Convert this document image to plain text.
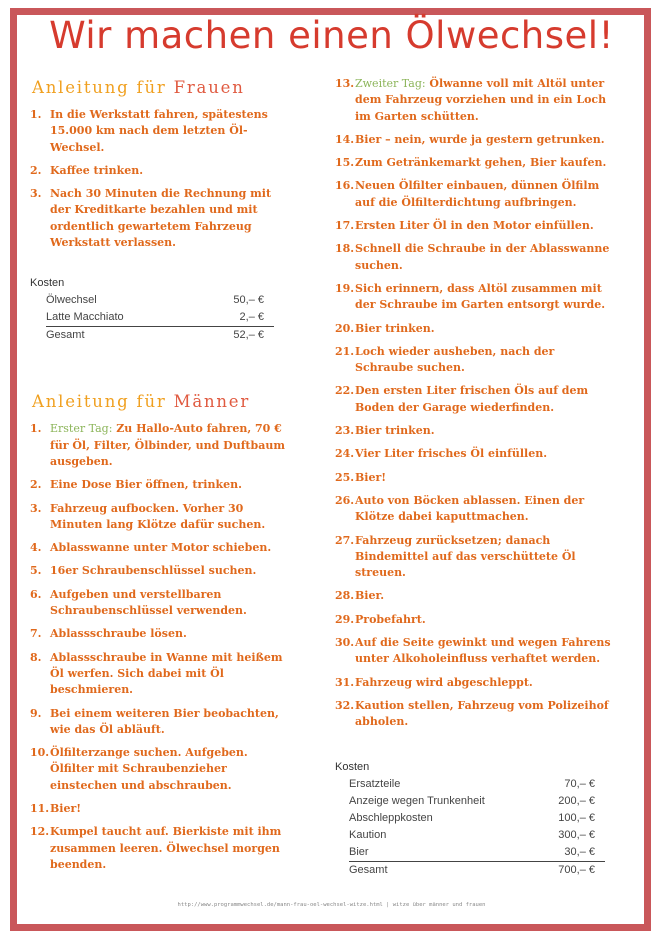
Wir machen einen Ölwechsel!
Anleitung für Frauen
1. In die Werkstatt fahren, spätestens 15.000 km nach dem letzten Öl-Wechsel.
2. Kaffee trinken.
3. Nach 30 Minuten die Rechnung mit der Kreditkarte bezahlen und mit ordentlich gewartetem Fahrzeug Werkstatt verlassen.
Kosten
Ölwechsel	50,– €
Latte Macchiato	2,– €
Gesamt	52,– €
Anleitung für Männer
1. Erster Tag: Zu Hallo-Auto fahren, 70 € für Öl, Filter, Ölbinder, und Duftbaum ausgeben.
2. Eine Dose Bier öffnen, trinken.
3. Fahrzeug aufbocken. Vorher 30 Minuten lang Klötze dafür suchen.
4. Ablasswanne unter Motor schieben.
5. 16er Schraubenschlüssel suchen.
6. Aufgeben und verstellbaren Schraubenschlüssel verwenden.
7. Ablassschraube lösen.
8. Ablassschraube in Wanne mit heißem Öl werfen. Sich dabei mit Öl beschmieren.
9. Bei einem weiteren Bier beobachten, wie das Öl abläuft.
10. Ölfilterzange suchen. Aufgeben. Ölfilter mit Schraubenzieher einstechen und abschrauben.
11. Bier!
12. Kumpel taucht auf. Bierkiste mit ihm zusammen leeren. Ölwechsel morgen beenden.
13. Zweiter Tag: Ölwanne voll mit Altöl unter dem Fahrzeug vorziehen und in ein Loch im Garten schütten.
14. Bier – nein, wurde ja gestern getrunken.
15. Zum Getränkemarkt gehen, Bier kaufen.
16. Neuen Ölfilter einbauen, dünnen Ölfilm auf die Ölfilterdichtung aufbringen.
17. Ersten Liter Öl in den Motor einfüllen.
18. Schnell die Schraube in der Ablasswanne suchen.
19. Sich erinnern, dass Altöl zusammen mit der Schraube im Garten entsorgt wurde.
20. Bier trinken.
21. Loch wieder ausheben, nach der Schraube suchen.
22. Den ersten Liter frischen Öls auf dem Boden der Garage wiederfinden.
23. Bier trinken.
24. Vier Liter frisches Öl einfüllen.
25. Bier!
26. Auto von Böcken ablassen. Einen der Klötze dabei kaputtmachen.
27. Fahrzeug zurücksetzen; danach Bindemittel auf das verschüttete Öl streuen.
28. Bier.
29. Probefahrt.
30. Auf die Seite gewinkt und wegen Fahrens unter Alkoholeinfluss verhaftet werden.
31. Fahrzeug wird abgeschleppt.
32. Kaution stellen, Fahrzeug vom Polizeihof abholen.
Kosten
Ersatzteile	70,– €
Anzeige wegen Trunkenheit	200,– €
Abschleppkosten	100,– €
Kaution	300,– €
Bier	30,– €
Gesamt	700,– €
http://www.programmwechsel.de/mann-frau-oel-wechsel-witze.html | witze über männer und frauen
